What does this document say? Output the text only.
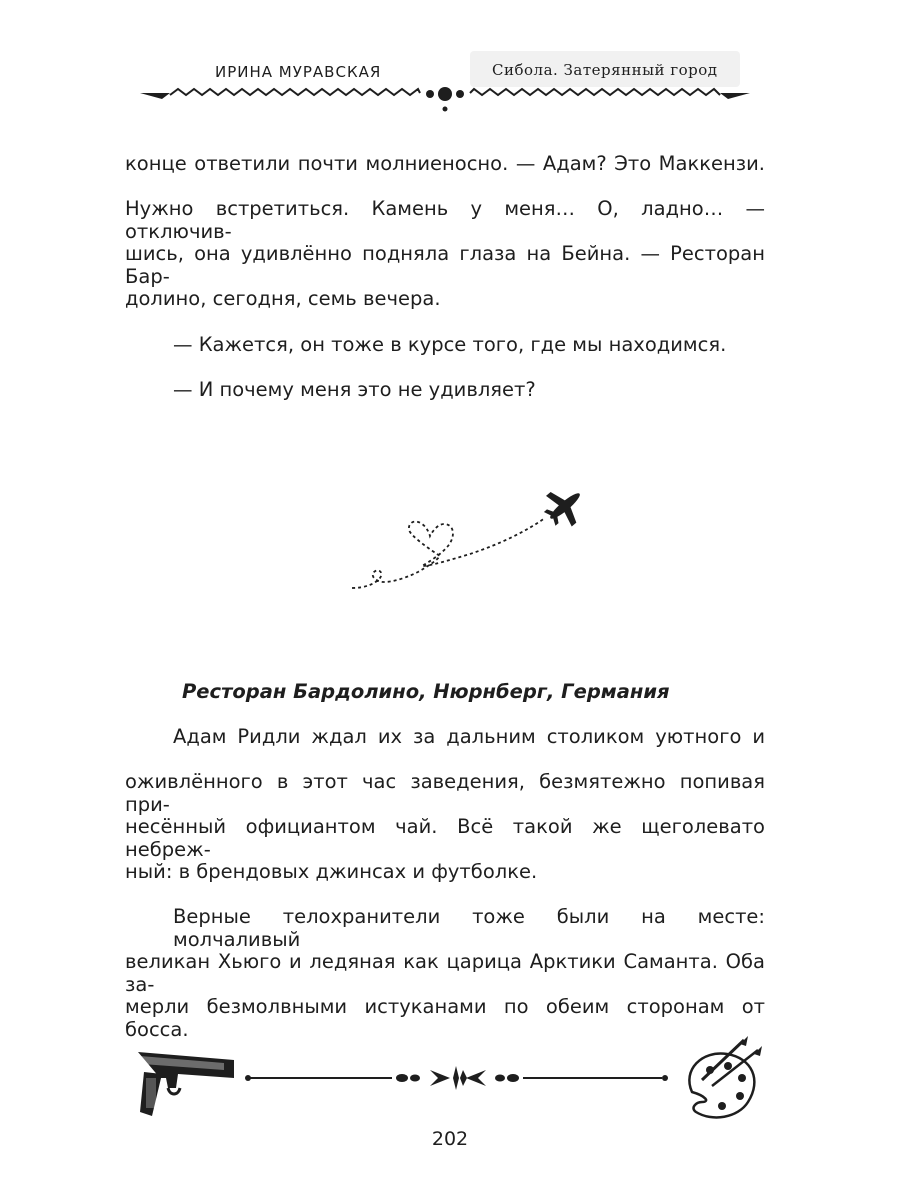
ИРИНА МУРАВСКАЯ	Сибола. Затерянный город
конце ответили почти молниеносно. — Адам? Это Маккензи.
Нужно встретиться. Камень у меня… О, ладно… — отключив-
шись, она удивлённо подняла глаза на Бейна. — Ресторан Бар-
долино, сегодня, семь вечера.
— Кажется, он тоже в курсе того, где мы находимся.
— И почему меня это не удивляет?
Ресторан Бардолино, Нюрнберг, Германия
Адам Ридли ждал их за дальним столиком уютного и
оживлённого в этот час заведения, безмятежно попивая при-
несённый официантом чай. Всё такой же щеголевато небреж-
ный: в брендовых джинсах и футболке.
Верные телохранители тоже были на месте: молчаливый
великан Хьюго и ледяная как царица Арктики Саманта. Оба за-
мерли безмолвными истуканами по обеим сторонам от босса.
202
